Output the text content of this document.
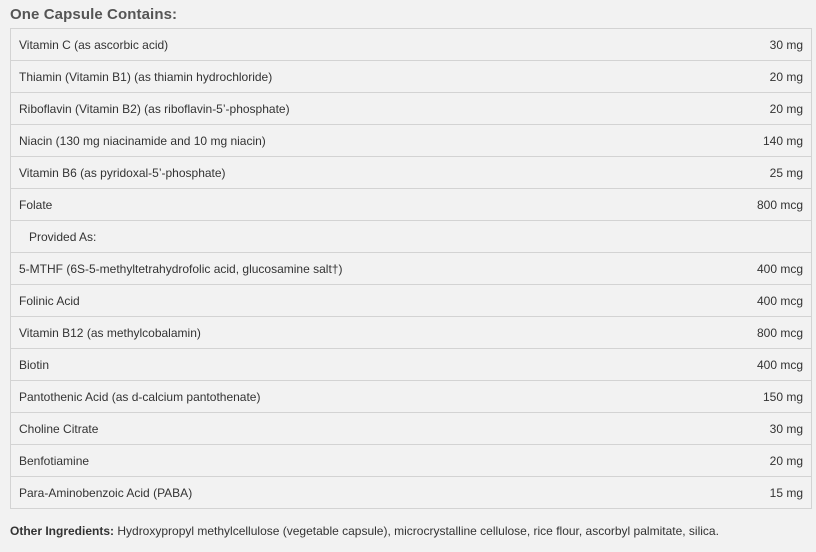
One Capsule Contains:
Vitamin C (as ascorbic acid)	30 mg
Thiamin (Vitamin B1) (as thiamin hydrochloride)	20 mg
Riboflavin (Vitamin B2) (as riboflavin-5’-phosphate)	20 mg
Niacin (130 mg niacinamide and 10 mg niacin)	140 mg
Vitamin B6 (as pyridoxal-5’-phosphate)	25 mg
Folate	800 mcg
Provided As:
5-MTHF (6S-5-methyltetrahydrofolic acid, glucosamine salt†)	400 mcg
Folinic Acid	400 mcg
Vitamin B12 (as methylcobalamin)	800 mcg
Biotin	400 mcg
Pantothenic Acid (as d-calcium pantothenate)	150 mg
Choline Citrate	30 mg
Benfotiamine	20 mg
Para-Aminobenzoic Acid (PABA)	15 mg
Other Ingredients: Hydroxypropyl methylcellulose (vegetable capsule), microcrystalline cellulose, rice flour, ascorbyl palmitate, silica.
